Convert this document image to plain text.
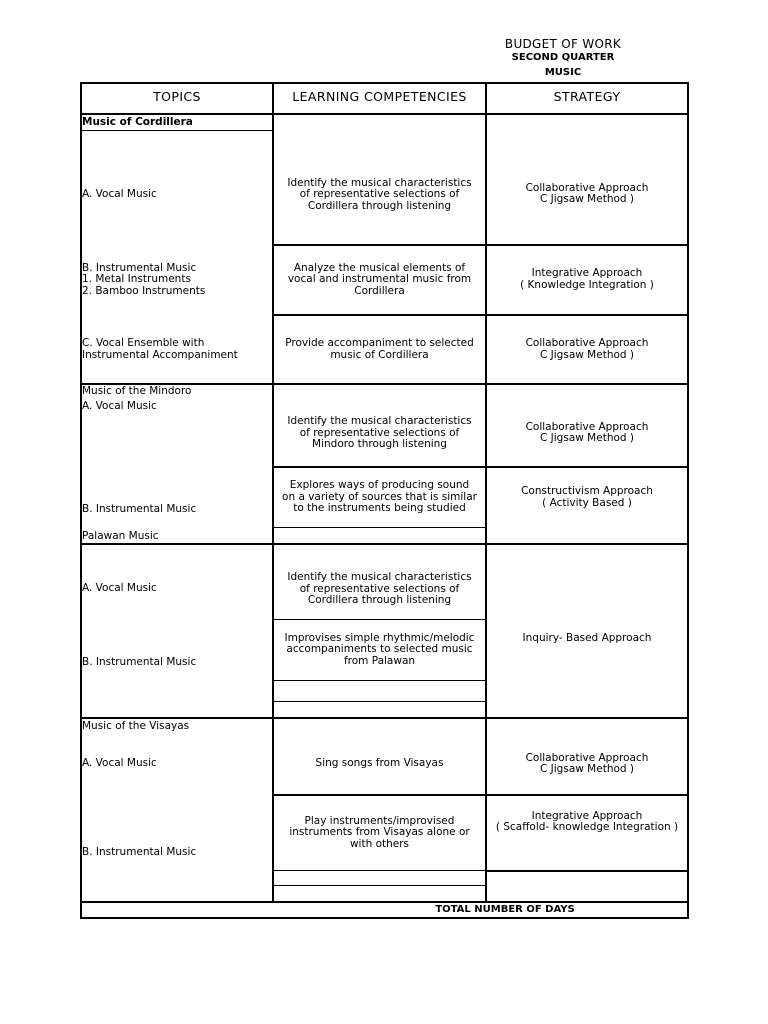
BUDGET OF WORK
SECOND QUARTER
MUSIC
TOPICS	LEARNING COMPETENCIES	STRATEGY
Music of Cordillera
A. Vocal Music
B. Instrumental Music
1. Metal Instruments
2. Bamboo Instruments
C. Vocal Ensemble with
Instrumental Accompaniment
Identify the musical characteristics
of representative selections of
Cordillera through listening
Analyze the musical elements of
vocal and instrumental music from
Cordillera
Provide accompaniment to selected
music of Cordillera
Collaborative Approach
C Jigsaw Method )
Integrative Approach
( Knowledge Integration )
Collaborative Approach
C Jigsaw Method )
Music of the Mindoro
A. Vocal Music
B. Instrumental Music
Identify the musical characteristics
of representative selections of
Mindoro through listening
Explores ways of producing sound
on a variety of sources that is similar
to the instruments being studied
Collaborative Approach
C Jigsaw Method )
Constructivism Approach
( Activity Based )
Palawan Music
A. Vocal Music
B. Instrumental Music
Identify the musical characteristics
of representative selections of
Cordillera through listening
Improvises simple rhythmic/melodic
accompaniments to selected music
from Palawan
Inquiry- Based Approach
Music of the Visayas
A. Vocal Music
B. Instrumental Music
Sing songs from Visayas
Play instruments/improvised
instruments from Visayas alone or
with others
Collaborative Approach
C Jigsaw Method )
Integrative Approach
( Scaffold- knowledge Integration )
TOTAL NUMBER OF DAYS
